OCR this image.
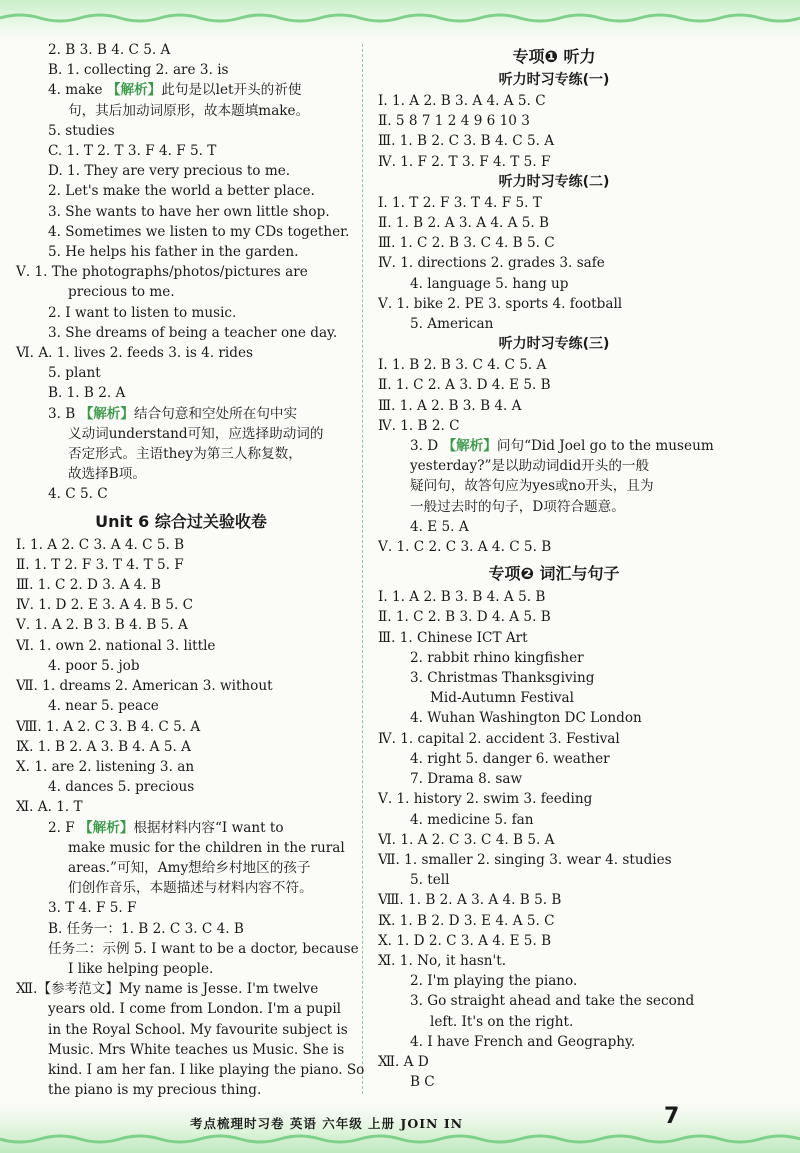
2. B 3. B 4. C 5. A
B. 1. collecting 2. are 3. is
4. make 【解析】此句是以let开头的祈使
句，其后加动词原形，故本题填make。
5. studies
C. 1. T 2. T 3. F 4. F 5. T
D. 1. They are very precious to me.
2. Let's make the world a better place.
3. She wants to have her own little shop.
4. Sometimes we listen to my CDs together.
5. He helps his father in the garden.
Ⅴ. 1. The photographs/photos/pictures are
precious to me.
2. I want to listen to music.
3. She dreams of being a teacher one day.
Ⅵ. A. 1. lives 2. feeds 3. is 4. rides
5. plant
B. 1. B 2. A
3. B 【解析】结合句意和空处所在句中实
义动词understand可知，应选择助动词的
否定形式。主语they为第三人称复数，
故选择B项。
4. C 5. C
Unit 6 综合过关验收卷
Ⅰ. 1. A 2. C 3. A 4. C 5. B
Ⅱ. 1. T 2. F 3. T 4. T 5. F
Ⅲ. 1. C 2. D 3. A 4. B
Ⅳ. 1. D 2. E 3. A 4. B 5. C
Ⅴ. 1. A 2. B 3. B 4. B 5. A
Ⅵ. 1. own 2. national 3. little
4. poor 5. job
Ⅶ. 1. dreams 2. American 3. without
4. near 5. peace
Ⅷ. 1. A 2. C 3. B 4. C 5. A
Ⅸ. 1. B 2. A 3. B 4. A 5. A
Ⅹ. 1. are 2. listening 3. an
4. dances 5. precious
Ⅺ. A. 1. T
2. F 【解析】根据材料内容“I want to
make music for the children in the rural
areas.”可知，Amy想给乡村地区的孩子
们创作音乐，本题描述与材料内容不符。
3. T 4. F 5. F
B. 任务一：1. B 2. C 3. C 4. B
任务二：示例 5. I want to be a doctor, because
I like helping people.
Ⅻ.【参考范文】My name is Jesse. I'm twelve
years old. I come from London. I'm a pupil
in the Royal School. My favourite subject is
Music. Mrs White teaches us Music. She is
kind. I am her fan. I like playing the piano. So
the piano is my precious thing.
专项❶ 听力
听力时习专练(一)
Ⅰ. 1. A 2. B 3. A 4. A 5. C
Ⅱ. 5 8 7 1 2 4 9 6 10 3
Ⅲ. 1. B 2. C 3. B 4. C 5. A
Ⅳ. 1. F 2. T 3. F 4. T 5. F
听力时习专练(二)
Ⅰ. 1. T 2. F 3. T 4. F 5. T
Ⅱ. 1. B 2. A 3. A 4. A 5. B
Ⅲ. 1. C 2. B 3. C 4. B 5. C
Ⅳ. 1. directions 2. grades 3. safe
4. language 5. hang up
Ⅴ. 1. bike 2. PE 3. sports 4. football
5. American
听力时习专练(三)
Ⅰ. 1. B 2. B 3. C 4. C 5. A
Ⅱ. 1. C 2. A 3. D 4. E 5. B
Ⅲ. 1. A 2. B 3. B 4. A
Ⅳ. 1. B 2. C
3. D 【解析】问句“Did Joel go to the museum
yesterday?”是以助动词did开头的一般
疑问句，故答句应为yes或no开头，且为
一般过去时的句子，D项符合题意。
4. E 5. A
Ⅴ. 1. C 2. C 3. A 4. C 5. B
专项❷ 词汇与句子
Ⅰ. 1. A 2. B 3. B 4. A 5. B
Ⅱ. 1. C 2. B 3. D 4. A 5. B
Ⅲ. 1. Chinese ICT Art
2. rabbit rhino kingfisher
3. Christmas Thanksgiving
Mid-Autumn Festival
4. Wuhan Washington DC London
Ⅳ. 1. capital 2. accident 3. Festival
4. right 5. danger 6. weather
7. Drama 8. saw
Ⅴ. 1. history 2. swim 3. feeding
4. medicine 5. fan
Ⅵ. 1. A 2. C 3. C 4. B 5. A
Ⅶ. 1. smaller 2. singing 3. wear 4. studies
5. tell
Ⅷ. 1. B 2. A 3. A 4. B 5. B
Ⅸ. 1. B 2. D 3. E 4. A 5. C
Ⅹ. 1. D 2. C 3. A 4. E 5. B
Ⅺ. 1. No, it hasn't.
2. I'm playing the piano.
3. Go straight ahead and take the second
left. It's on the right.
4. I have French and Geography.
Ⅻ. A D
B C
考点梳理时习卷 英语 六年级 上册 JOIN IN	7
